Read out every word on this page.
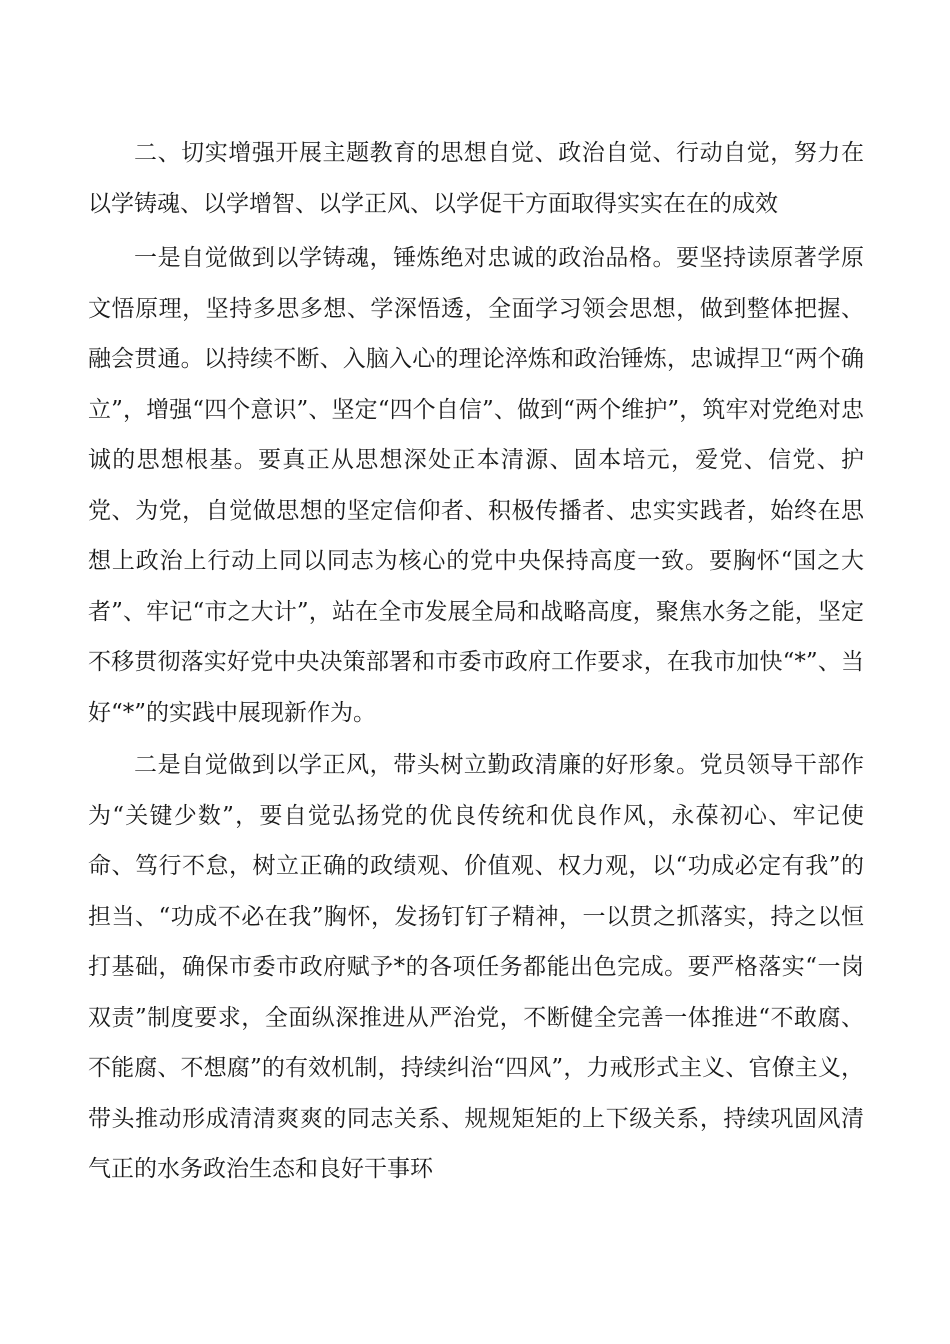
二、切实增强开展主题教育的思想自觉、政治自觉、行动自觉，努力在以学铸魂、以学增智、以学正风、以学促干方面取得实实在在的成效

一是自觉做到以学铸魂，锤炼绝对忠诚的政治品格。要坚持读原著学原文悟原理，坚持多思多想、学深悟透，全面学习领会思想，做到整体把握、融会贯通。以持续不断、入脑入心的理论淬炼和政治锤炼，忠诚捍卫“两个确立”，增强“四个意识”、坚定“四个自信”、做到“两个维护”，筑牢对党绝对忠诚的思想根基。要真正从思想深处正本清源、固本培元，爱党、信党、护党、为党，自觉做思想的坚定信仰者、积极传播者、忠实实践者，始终在思想上政治上行动上同以同志为核心的党中央保持高度一致。要胸怀“国之大者”、牢记“市之大计”，站在全市发展全局和战略高度，聚焦水务之能，坚定不移贯彻落实好党中央决策部署和市委市政府工作要求，在我市加快“*”、当好“*”的实践中展现新作为。

二是自觉做到以学正风，带头树立勤政清廉的好形象。党员领导干部作为“关键少数”，要自觉弘扬党的优良传统和优良作风，永葆初心、牢记使命、笃行不怠，树立正确的政绩观、价值观、权力观，以“功成必定有我”的担当、“功成不必在我”胸怀，发扬钉钉子精神，一以贯之抓落实，持之以恒打基础，确保市委市政府赋予*的各项任务都能出色完成。要严格落实“一岗双责”制度要求，全面纵深推进从严治党，不断健全完善一体推进“不敢腐、不能腐、不想腐”的有效机制，持续纠治“四风”，力戒形式主义、官僚主义，带头推动形成清清爽爽的同志关系、规规矩矩的上下级关系，持续巩固风清气正的水务政治生态和良好干事环
